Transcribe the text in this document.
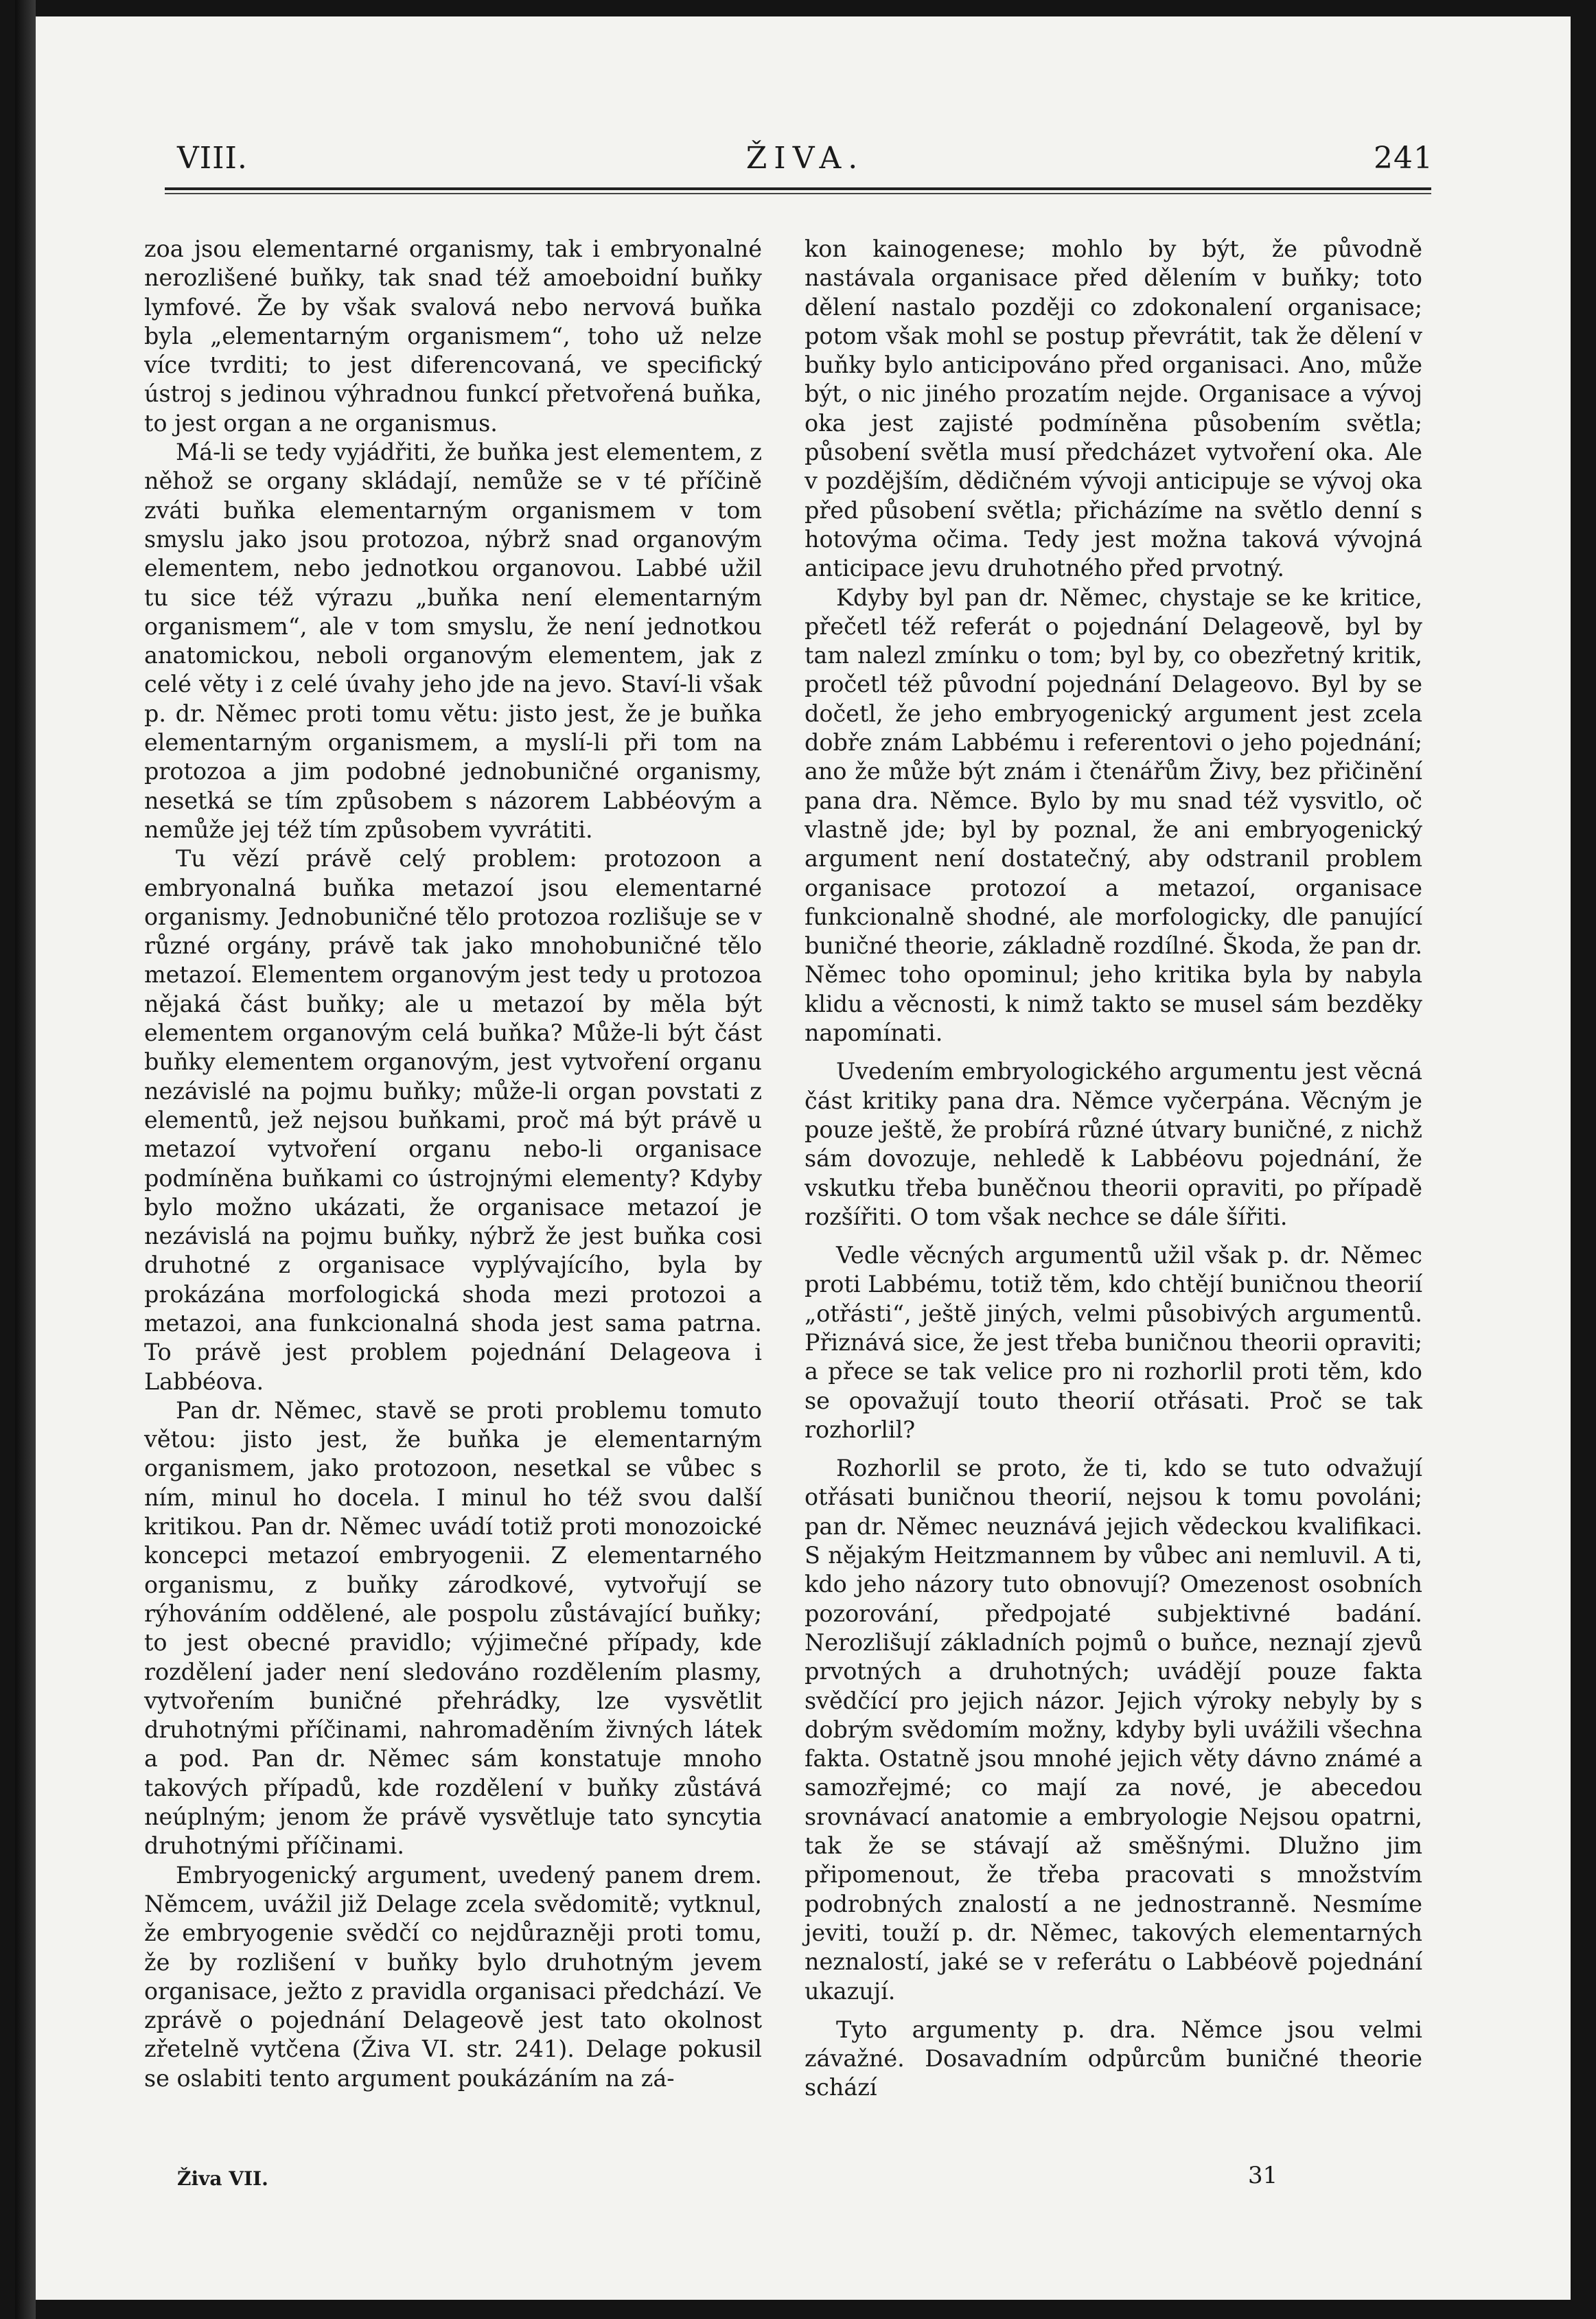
VIII.	ŽIVA.	241

zoa jsou elementarné organismy, tak i embryonalné nerozlišené buňky, tak snad též amoeboidní buňky lymfové. Že by však svalová nebo nervová buňka byla „elementarným organismem“, toho už nelze více tvrditi; to jest diferencovaná, ve specifický ústroj s jedinou výhradnou funkcí přetvořená buňka, to jest organ a ne organismus.

Má-li se tedy vyjádřiti, že buňka jest elementem, z něhož se organy skládají, nemůže se v té příčině zváti buňka elementarným organismem v tom smyslu jako jsou protozoa, nýbrž snad organovým elementem, nebo jednotkou organovou. Labbé užil tu sice též výrazu „buňka není elementarným organismem“, ale v tom smyslu, že není jednotkou anatomickou, neboli organovým elementem, jak z celé věty i z celé úvahy jeho jde na jevo. Staví-li však p. dr. Němec proti tomu větu: jisto jest, že je buňka elementarným organismem, a myslí-li při tom na protozoa a jim podobné jednobuničné organismy, nesetká se tím způsobem s názorem Labbéovým a nemůže jej též tím způsobem vyvrátiti.

Tu vězí právě celý problem: protozoon a embryonalná buňka metazoí jsou elementarné organismy. Jednobuničné tělo protozoa rozlišuje se v různé orgány, právě tak jako mnohobuničné tělo metazoí. Elementem organovým jest tedy u protozoa nějaká část buňky; ale u metazoí by měla být elementem organovým celá buňka? Může-li být část buňky elementem organovým, jest vytvoření organu nezávislé na pojmu buňky; může-li organ povstati z elementů, jež nejsou buňkami, proč má být právě u metazoí vytvoření organu nebo-li organisace podmíněna buňkami co ústrojnými elementy? Kdyby bylo možno ukázati, že organisace metazoí je nezávislá na pojmu buňky, nýbrž že jest buňka cosi druhotné z organisace vyplývajícího, byla by prokázána morfologická shoda mezi protozoi a metazoi, ana funkcionalná shoda jest sama patrna. To právě jest problem pojednání Delageova i Labbéova.

Pan dr. Němec, stavě se proti problemu tomuto větou: jisto jest, že buňka je elementarným organismem, jako protozoon, nesetkal se vůbec s ním, minul ho docela. I minul ho též svou další kritikou. Pan dr. Němec uvádí totiž proti monozoické koncepci metazoí embryogenii. Z elementarného organismu, z buňky zárodkové, vytvořují se rýhováním oddělené, ale pospolu zůstávající buňky; to jest obecné pravidlo; výjimečné případy, kde rozdělení jader není sledováno rozdělením plasmy, vytvořením buničné přehrádky, lze vysvětlit druhotnými příčinami, nahromaděním živných látek a pod. Pan dr. Němec sám konstatuje mnoho takových případů, kde rozdělení v buňky zůstává neúplným; jenom že právě vysvětluje tato syncytia druhotnými příčinami.

Embryogenický argument, uvedený panem drem. Němcem, uvážil již Delage zcela svědomitě; vytknul, že embryogenie svědčí co nejdůrazněji proti tomu, že by rozlišení v buňky bylo druhotným jevem organisace, ježto z pravidla organisaci předchází. Ve zprávě o pojednání Delageově jest tato okolnost zřetelně vytčena (Živa VI. str. 241). Delage pokusil se oslabiti tento argument poukázáním na zá-

kon kainogenese; mohlo by být, že původně nastávala organisace před dělením v buňky; toto dělení nastalo později co zdokonalení organisace; potom však mohl se postup převrátit, tak že dělení v buňky bylo anticipováno před organisaci. Ano, může být, o nic jiného prozatím nejde. Organisace a vývoj oka jest zajisté podmíněna působením světla; působení světla musí předcházet vytvoření oka. Ale v pozdějším, dědičném vývoji anticipuje se vývoj oka před působení světla; přicházíme na světlo denní s hotovýma očima. Tedy jest možna taková vývojná anticipace jevu druhotného před prvotný.

Kdyby byl pan dr. Němec, chystaje se ke kritice, přečetl též referát o pojednání Delageově, byl by tam nalezl zmínku o tom; byl by, co obezřetný kritik, pročetl též původní pojednání Delageovo. Byl by se dočetl, že jeho embryogenický argument jest zcela dobře znám Labbému i referentovi o jeho pojednání; ano že může být znám i čtenářům Živy, bez přičinění pana dra. Němce. Bylo by mu snad též vysvitlo, oč vlastně jde; byl by poznal, že ani embryogenický argument není dostatečný, aby odstranil problem organisace protozoí a metazoí, organisace funkcionalně shodné, ale morfologicky, dle panující buničné theorie, základně rozdílné. Škoda, že pan dr. Němec toho opominul; jeho kritika byla by nabyla klidu a věcnosti, k nimž takto se musel sám bezděky napomínati.

Uvedením embryologického argumentu jest věcná část kritiky pana dra. Němce vyčerpána. Věcným je pouze ještě, že probírá různé útvary buničné, z nichž sám dovozuje, nehledě k Labbéovu pojednání, že vskutku třeba buněčnou theorii opraviti, po případě rozšířiti. O tom však nechce se dále šířiti.

Vedle věcných argumentů užil však p. dr. Němec proti Labbému, totiž těm, kdo chtějí buničnou theorií „otřásti“, ještě jiných, velmi působivých argumentů. Přiznává sice, že jest třeba buničnou theorii opraviti; a přece se tak velice pro ni rozhorlil proti těm, kdo se opovažují touto theorií otřásati. Proč se tak rozhorlil?

Rozhorlil se proto, že ti, kdo se tuto odvažují otřásati buničnou theorií, nejsou k tomu povoláni; pan dr. Němec neuznává jejich vědeckou kvalifikaci. S nějakým Heitzmannem by vůbec ani nemluvil. A ti, kdo jeho názory tuto obnovují? Omezenost osobních pozorování, předpojaté subjektivné badání. Nerozlišují základních pojmů o buňce, neznají zjevů prvotných a druhotných; uvádějí pouze fakta svědčící pro jejich názor. Jejich výroky nebyly by s dobrým svědomím možny, kdyby byli uvážili všechna fakta. Ostatně jsou mnohé jejich věty dávno známé a samozřejmé; co mají za nové, je abecedou srovnávací anatomie a embryologie Nejsou opatrni, tak že se stávají až směšnými. Dlužno jim připomenout, že třeba pracovati s množstvím podrobných znalostí a ne jednostranně. Nesmíme jeviti, touží p. dr. Němec, takových elementarných neznalostí, jaké se v referátu o Labbéově pojednání ukazují.

Tyto argumenty p. dra. Němce jsou velmi závažné. Dosavadním odpůrcům buničné theorie schází

Živa VII.	31
